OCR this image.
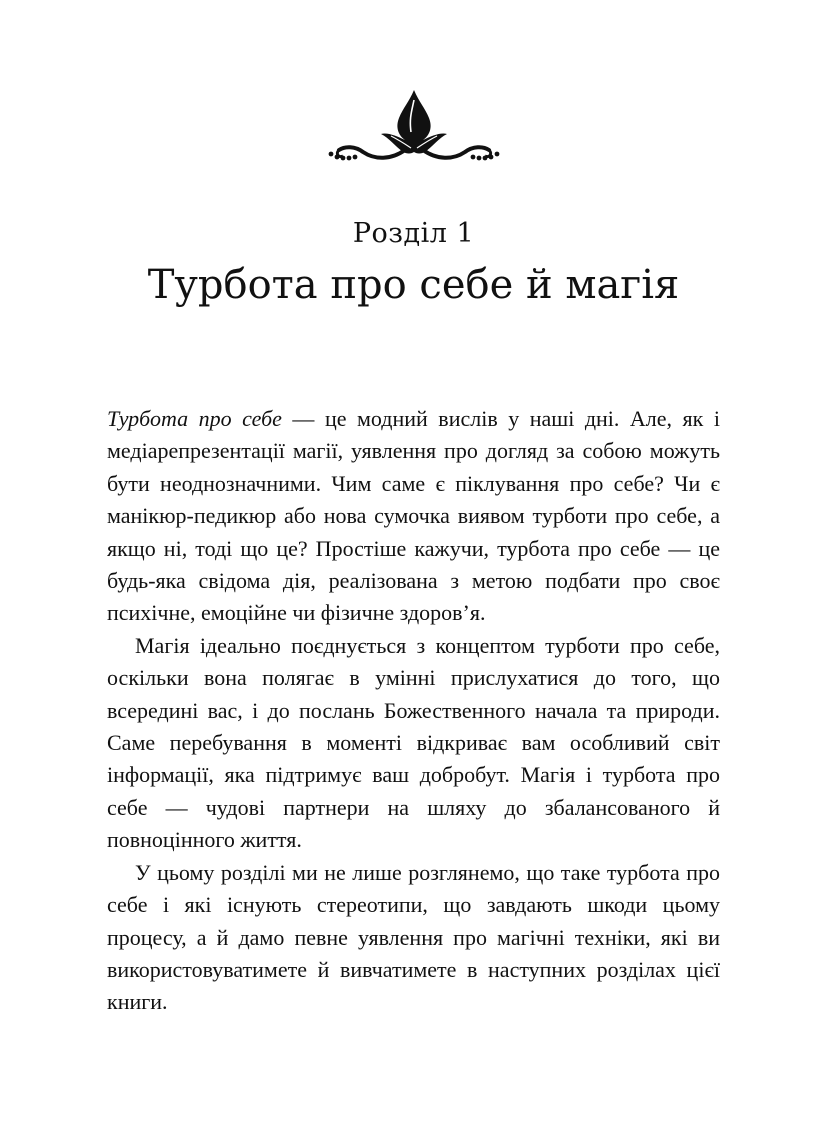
Розділ 1
Турбота про себе й магія

Турбота про себе — це модний вислів у наші дні. Але, як і медіарепрезентації магії, уявлення про догляд за собою можуть бути неоднозначними. Чим саме є піклування про себе? Чи є манікюр-педикюр або нова сумочка виявом турботи про себе, а якщо ні, тоді що це? Простіше кажучи, турбота про себе — це будь-яка свідома дія, реалізована з метою подбати про своє психічне, емоційне чи фізичне здоров’я.

Магія ідеально поєднується з концептом турботи про себе, оскільки вона полягає в умінні прислухатися до того, що всередині вас, і до послань Божественного начала та природи. Саме перебування в моменті відкриває вам особливий світ інформації, яка підтримує ваш добробут. Магія і турбота про себе — чудові партнери на шляху до збалансованого й повноцінного життя.

У цьому розділі ми не лише розглянемо, що таке турбота про себе і які існують стереотипи, що завдають шкоди цьому процесу, а й дамо певне уявлення про магічні техніки, які ви використовуватимете й вивчатимете в наступних розділах цієї книги.
